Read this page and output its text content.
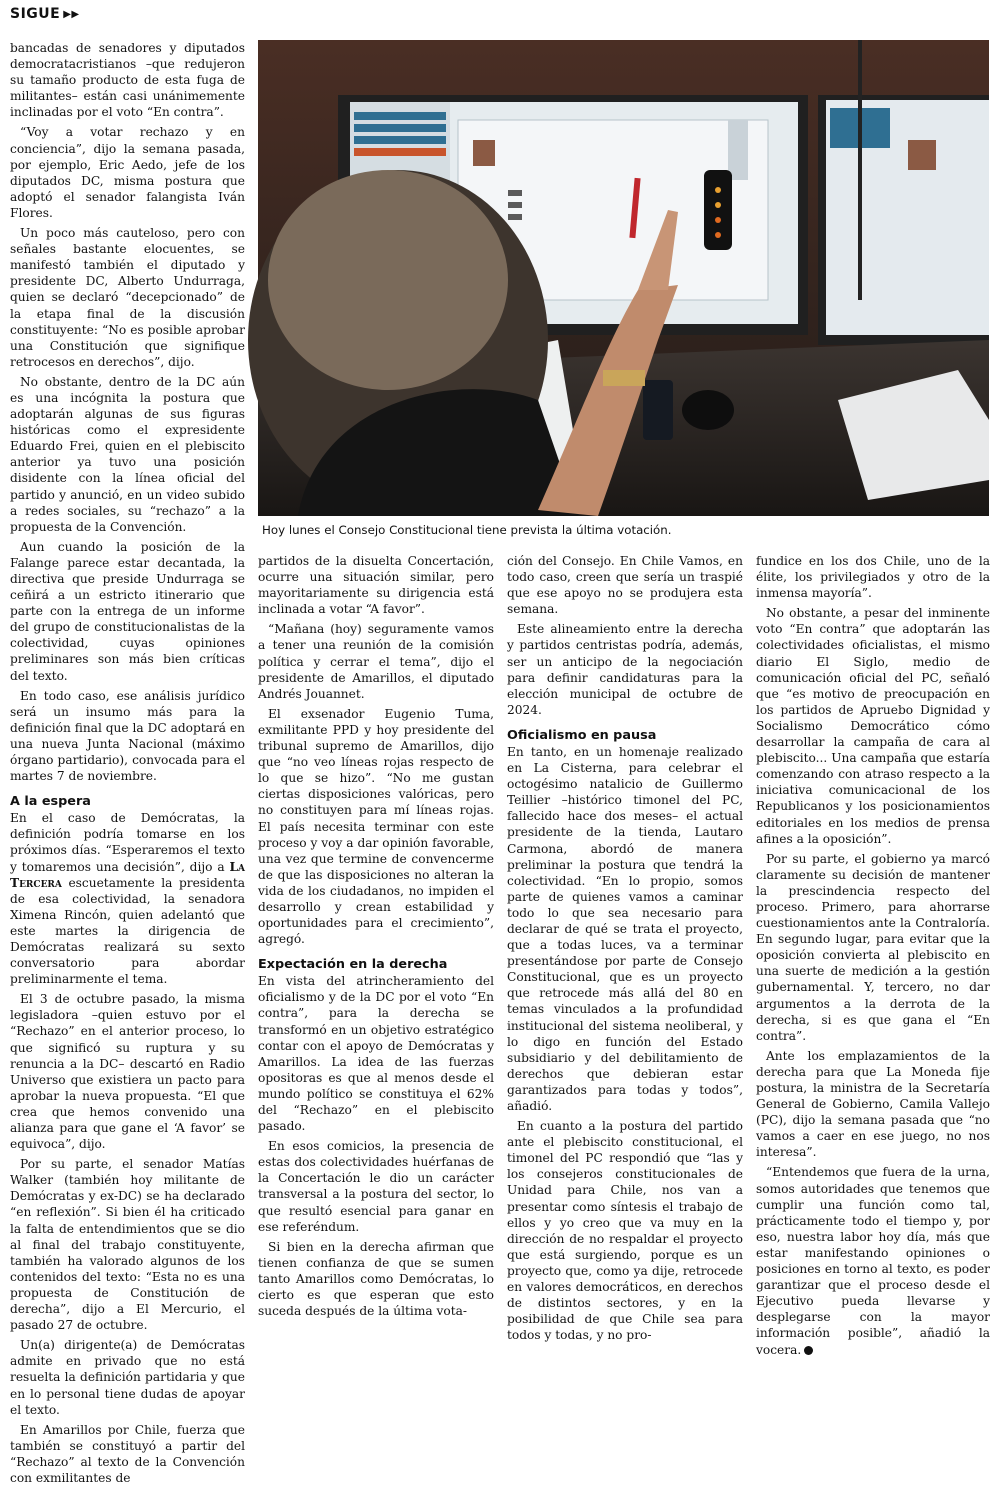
SIGUE ▶▶

bancadas de senadores y diputados democratacristianos –que redujeron su tamaño producto de esta fuga de militantes– están casi unánimemente inclinadas por el voto “En contra”.

“Voy a votar rechazo y en conciencia”, dijo la semana pasada, por ejemplo, Eric Aedo, jefe de los diputados DC, misma postura que adoptó el senador falangista Iván Flores.

Un poco más cauteloso, pero con señales bastante elocuentes, se manifestó también el diputado y presidente DC, Alberto Undurraga, quien se declaró “decepcionado” de la etapa final de la discusión constituyente: “No es posible aprobar una Constitución que signifique retrocesos en derechos”, dijo.

No obstante, dentro de la DC aún es una incógnita la postura que adoptarán algunas de sus figuras históricas como el expresidente Eduardo Frei, quien en el plebiscito anterior ya tuvo una posición disidente con la línea oficial del partido y anunció, en un video subido a redes sociales, su “rechazo” a la propuesta de la Convención.

Aun cuando la posición de la Falange parece estar decantada, la directiva que preside Undurraga se ceñirá a un estricto itinerario que parte con la entrega de un informe del grupo de constitucionalistas de la colectividad, cuyas opiniones preliminares son más bien críticas del texto.

En todo caso, ese análisis jurídico será un insumo más para la definición final que la DC adoptará en una nueva Junta Nacional (máximo órgano partidario), convocada para el martes 7 de noviembre.

A la espera

En el caso de Demócratas, la definición podría tomarse en los próximos días. “Esperaremos el texto y tomaremos una decisión”, dijo a La Tercera escuetamente la presidenta de esa colectividad, la senadora Ximena Rincón, quien adelantó que este martes la dirigencia de Demócratas realizará su sexto conversatorio para abordar preliminarmente el tema.

El 3 de octubre pasado, la misma legisladora –quien estuvo por el “Rechazo” en el anterior proceso, lo que significó su ruptura y su renuncia a la DC– descartó en Radio Universo que existiera un pacto para aprobar la nueva propuesta. “El que crea que hemos convenido una alianza para que gane el ‘A favor’ se equivoca”, dijo.

Por su parte, el senador Matías Walker (también hoy militante de Demócratas y ex-DC) se ha declarado “en reflexión”. Si bien él ha criticado la falta de entendimientos que se dio al final del trabajo constituyente, también ha valorado algunos de los contenidos del texto: “Esta no es una propuesta de Constitución de derecha”, dijo a El Mercurio, el pasado 27 de octubre.

Un(a) dirigente(a) de Demócratas admite en privado que no está resuelta la definición partidaria y que en lo personal tiene dudas de apoyar el texto.

En Amarillos por Chile, fuerza que también se constituyó a partir del “Rechazo” al texto de la Convención con exmilitantes de

Hoy lunes el Consejo Constitucional tiene prevista la última votación.

partidos de la disuelta Concertación, ocurre una situación similar, pero mayoritariamente su dirigencia está inclinada a votar “A favor”.

“Mañana (hoy) seguramente vamos a tener una reunión de la comisión política y cerrar el tema”, dijo el presidente de Amarillos, el diputado Andrés Jouannet.

El exsenador Eugenio Tuma, exmilitante PPD y hoy presidente del tribunal supremo de Amarillos, dijo que “no veo líneas rojas respecto de lo que se hizo”. “No me gustan ciertas disposiciones valóricas, pero no constituyen para mí líneas rojas. El país necesita terminar con este proceso y voy a dar opinión favorable, una vez que termine de convencerme de que las disposiciones no alteran la vida de los ciudadanos, no impiden el desarrollo y crean estabilidad y oportunidades para el crecimiento”, agregó.

Expectación en la derecha

En vista del atrincheramiento del oficialismo y de la DC por el voto “En contra”, para la derecha se transformó en un objetivo estratégico contar con el apoyo de Demócratas y Amarillos. La idea de las fuerzas opositoras es que al menos desde el mundo político se constituya el 62% del “Rechazo” en el plebiscito pasado.

En esos comicios, la presencia de estas dos colectividades huérfanas de la Concertación le dio un carácter transversal a la postura del sector, lo que resultó esencial para ganar en ese referéndum.

Si bien en la derecha afirman que tienen confianza de que se sumen tanto Amarillos como Demócratas, lo cierto es que esperan que esto suceda después de la última vota-

ción del Consejo. En Chile Vamos, en todo caso, creen que sería un traspié que ese apoyo no se produjera esta semana.

Este alineamiento entre la derecha y partidos centristas podría, además, ser un anticipo de la negociación para definir candidaturas para la elección municipal de octubre de 2024.

Oficialismo en pausa

En tanto, en un homenaje realizado en La Cisterna, para celebrar el octogésimo natalicio de Guillermo Teillier –histórico timonel del PC, fallecido hace dos meses– el actual presidente de la tienda, Lautaro Carmona, abordó de manera preliminar la postura que tendrá la colectividad. “En lo propio, somos parte de quienes vamos a caminar todo lo que sea necesario para declarar de qué se trata el proyecto, que a todas luces, va a terminar presentándose por parte de Consejo Constitucional, que es un proyecto que retrocede más allá del 80 en temas vinculados a la profundidad institucional del sistema neoliberal, y lo digo en función del Estado subsidiario y del debilitamiento de derechos que debieran estar garantizados para todas y todos”, añadió.

En cuanto a la postura del partido ante el plebiscito constitucional, el timonel del PC respondió que “las y los consejeros constitucionales de Unidad para Chile, nos van a presentar como síntesis el trabajo de ellos y yo creo que va muy en la dirección de no respaldar el proyecto que está surgiendo, porque es un proyecto que, como ya dije, retrocede en valores democráticos, en derechos de distintos sectores, y en la posibilidad de que Chile sea para todos y todas, y no pro-

fundice en los dos Chile, uno de la élite, los privilegiados y otro de la inmensa mayoría”.

No obstante, a pesar del inminente voto “En contra” que adoptarán las colectividades oficialistas, el mismo diario El Siglo, medio de comunicación oficial del PC, señaló que “es motivo de preocupación en los partidos de Apruebo Dignidad y Socialismo Democrático cómo desarrollar la campaña de cara al plebiscito... Una campaña que estaría comenzando con atraso respecto a la iniciativa comunicacional de los Republicanos y los posicionamientos editoriales en los medios de prensa afines a la oposición”.

Por su parte, el gobierno ya marcó claramente su decisión de mantener la prescindencia respecto del proceso. Primero, para ahorrarse cuestionamientos ante la Contraloría. En segundo lugar, para evitar que la oposición convierta al plebiscito en una suerte de medición a la gestión gubernamental. Y, tercero, no dar argumentos a la derrota de la derecha, si es que gana el “En contra”.

Ante los emplazamientos de la derecha para que La Moneda fije postura, la ministra de la Secretaría General de Gobierno, Camila Vallejo (PC), dijo la semana pasada que “no vamos a caer en ese juego, no nos interesa”.

“Entendemos que fuera de la urna, somos autoridades que tenemos que cumplir una función como tal, prácticamente todo el tiempo y, por eso, nuestra labor hoy día, más que estar manifestando opiniones o posiciones en torno al texto, es poder garantizar que el proceso desde el Ejecutivo pueda llevarse y desplegarse con la mayor información posible”, añadió la vocera.
